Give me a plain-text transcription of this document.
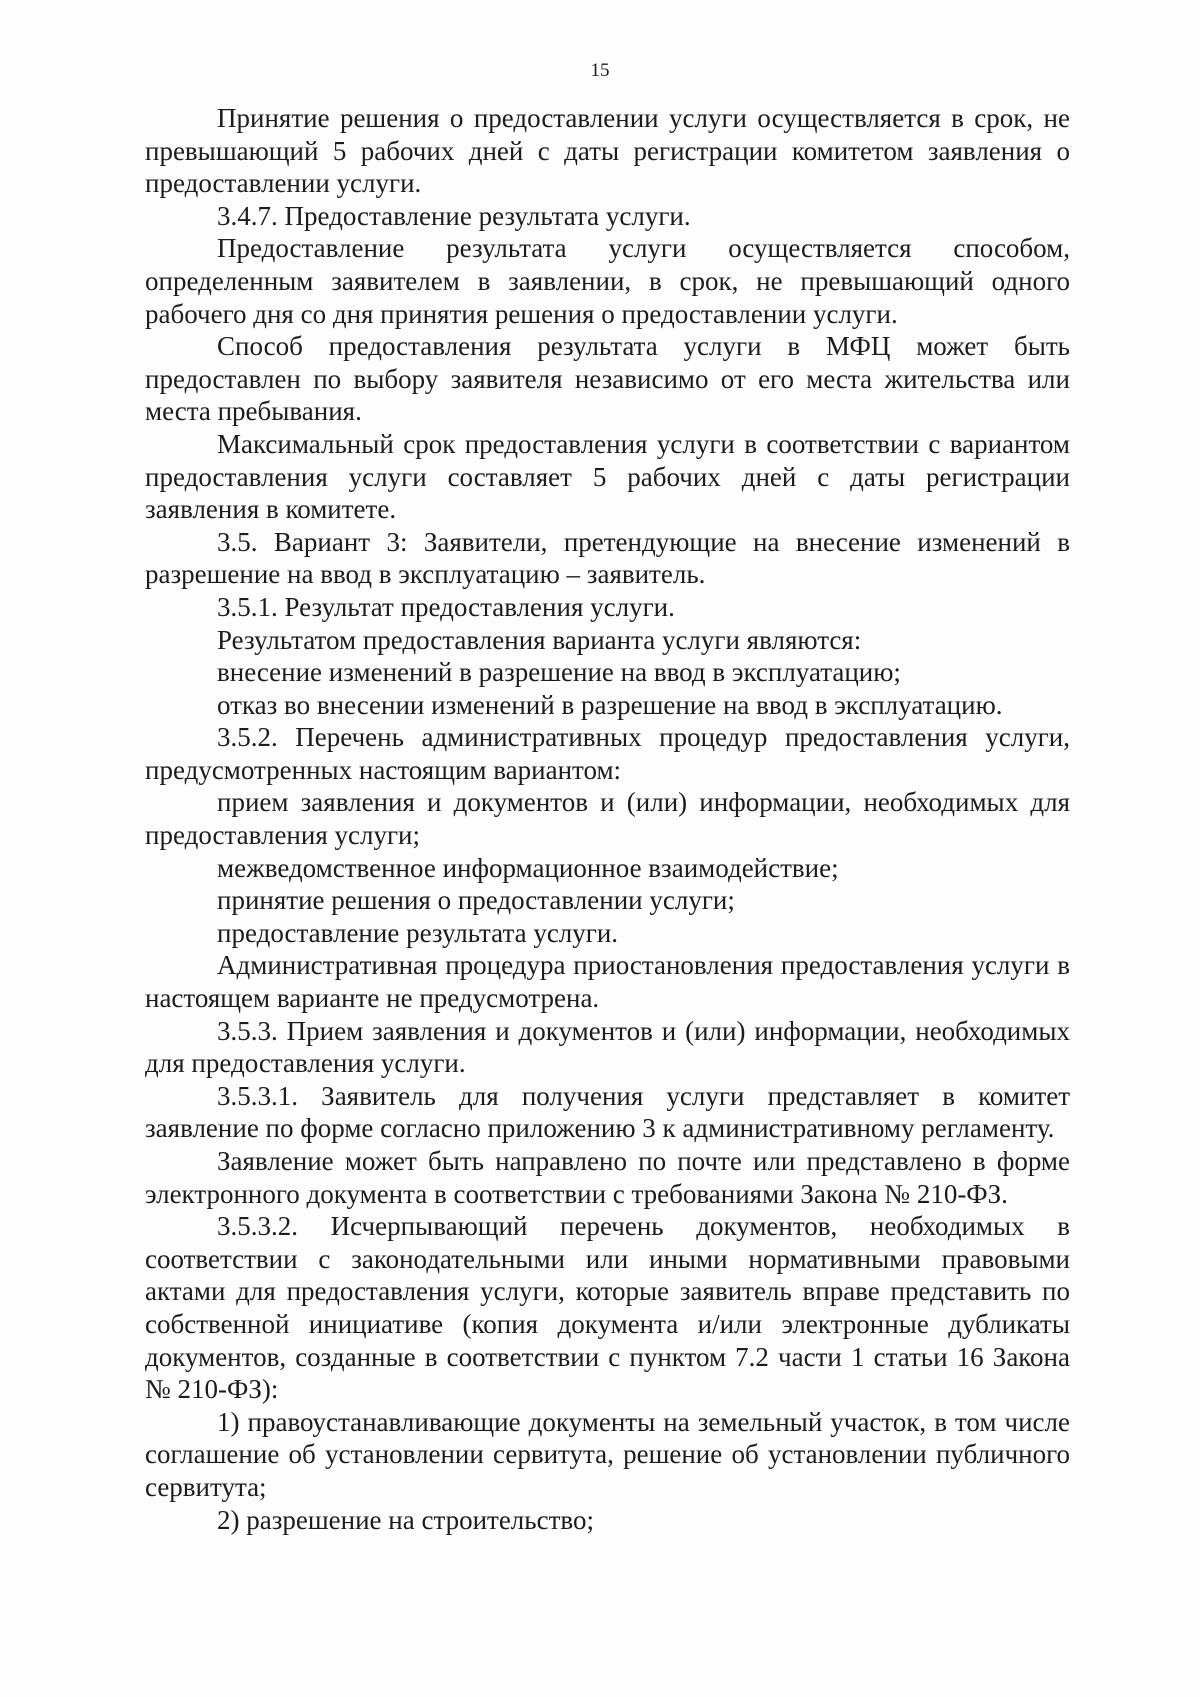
15

Принятие решения о предоставлении услуги осуществляется в срок, не превышающий 5 рабочих дней с даты регистрации комитетом заявления о предоставлении услуги.

3.4.7. Предоставление результата услуги.

Предоставление результата услуги осуществляется способом, определенным заявителем в заявлении, в срок, не превышающий одного рабочего дня со дня принятия решения о предоставлении услуги.

Способ предоставления результата услуги в МФЦ может быть предоставлен по выбору заявителя независимо от его места жительства или места пребывания.

Максимальный срок предоставления услуги в соответствии с вариантом предоставления услуги составляет 5 рабочих дней с даты регистрации заявления в комитете.

3.5. Вариант 3: Заявители, претендующие на внесение изменений в разрешение на ввод в эксплуатацию – заявитель.

3.5.1. Результат предоставления услуги.

Результатом предоставления варианта услуги являются:

внесение изменений в разрешение на ввод в эксплуатацию;

отказ во внесении изменений в разрешение на ввод в эксплуатацию.

3.5.2. Перечень административных процедур предоставления услуги, предусмотренных настоящим вариантом:

прием заявления и документов и (или) информации, необходимых для предоставления услуги;

межведомственное информационное взаимодействие;

принятие решения о предоставлении услуги;

предоставление результата услуги.

Административная процедура приостановления предоставления услуги в настоящем варианте не предусмотрена.

3.5.3. Прием заявления и документов и (или) информации, необходимых для предоставления услуги.

3.5.3.1. Заявитель для получения услуги представляет в комитет заявление по форме согласно приложению 3 к административному регламенту.

Заявление может быть направлено по почте или представлено в форме электронного документа в соответствии с требованиями Закона № 210-ФЗ.

3.5.3.2. Исчерпывающий перечень документов, необходимых в соответствии с законодательными или иными нормативными правовыми актами для предоставления услуги, которые заявитель вправе представить по собственной инициативе (копия документа и/или электронные дубликаты документов, созданные в соответствии с пунктом 7.2 части 1 статьи 16 Закона № 210-ФЗ):

1) правоустанавливающие документы на земельный участок, в том числе соглашение об установлении сервитута, решение об установлении публичного сервитута;

2) разрешение на строительство;
